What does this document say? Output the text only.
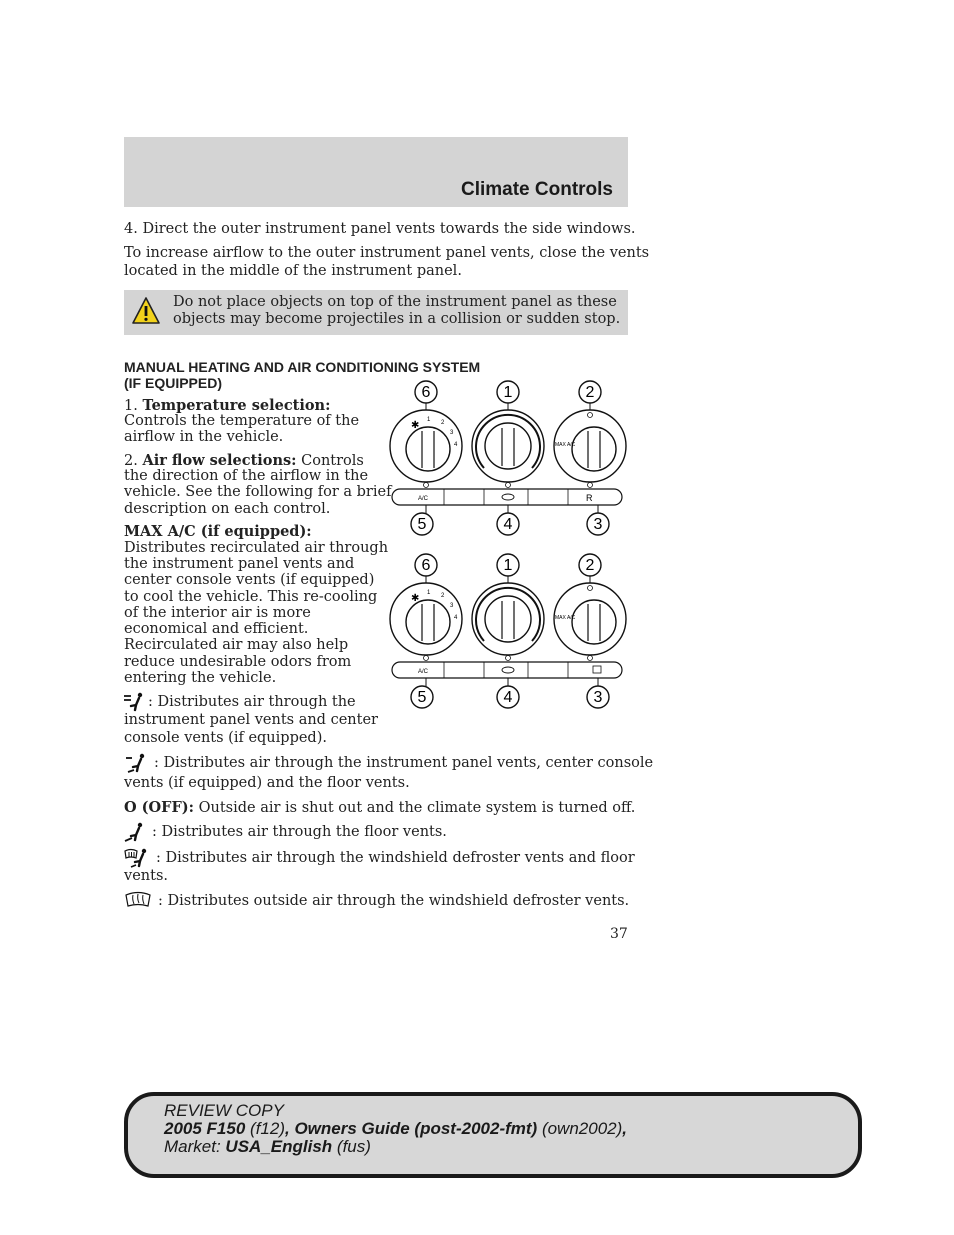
Climate Controls

4. Direct the outer instrument panel vents towards the side windows.

To increase airflow to the outer instrument panel vents, close the vents

located in the middle of the instrument panel.

Do not place objects on top of the instrument panel as these
objects may become projectiles in a collision or sudden stop.
MANUAL HEATING AND AIR CONDITIONING SYSTEM
(IF EQUIPPED)

1. Temperature selection:

Controls the temperature of the

airflow in the vehicle.

2. Air flow selections: Controls

the direction of the airflow in the

vehicle. See the following for a brief

description on each control.

MAX A/C (if equipped):

Distributes recirculated air through

the instrument panel vents and

center console vents (if equipped)

to cool the vehicle. This re-cooling

of the interior air is more

economical and efficient.

Recirculated air may also help

reduce undesirable odors from

entering the vehicle.

: Distributes air through the

instrument panel vents and center

console vents (if equipped).

: Distributes air through the instrument panel vents, center console

vents (if equipped) and the floor vents.

O (OFF): Outside air is shut out and the climate system is turned off.

: Distributes air through the floor vents.

: Distributes air through the windshield defroster vents and floor

vents.

: Distributes outside air through the windshield defroster vents.

6	1	2
✱ 1 2
3
4	MAX A/C
A/C	R
5	4	3
6	1	2
✱ 1 2
3
4	MAX A/C
A/C
5	4	3
37
REVIEW COPY
2005 F150 (f12), Owners Guide (post-2002-fmt) (own2002),
Market: USA_English (fus)
